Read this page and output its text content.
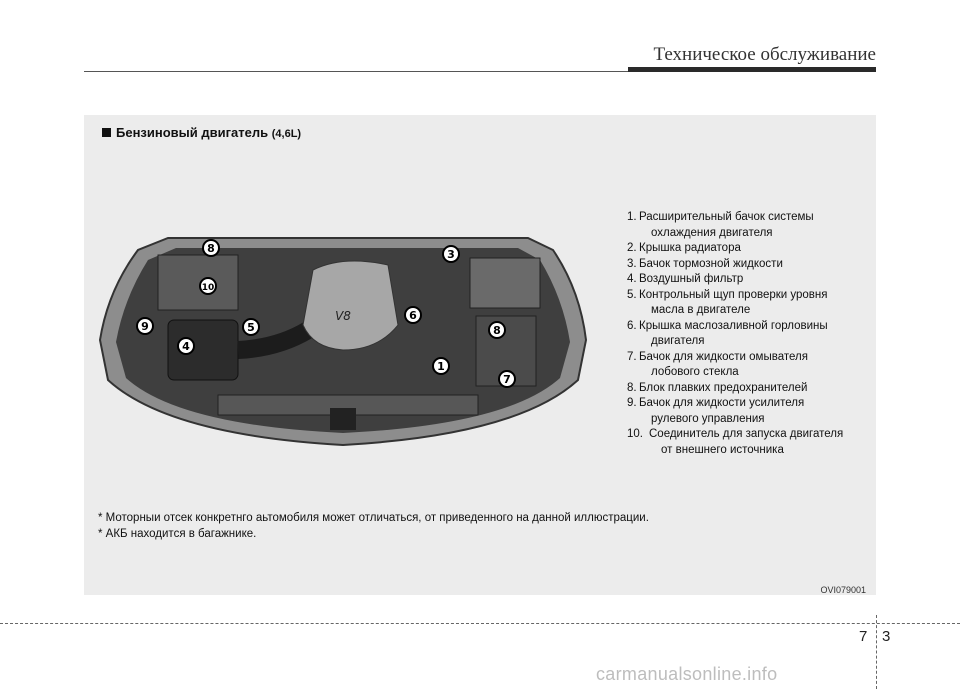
Техническое обслуживание
Бензиновый двигатель (4,6L)
V8
8	3
10
9	5
6
8
4
1
7
1. Расширительный бачок системы
охлаждения двигателя
2. Крышка радиатора
3. Бачок тормозной жидкости
4. Воздушный фильтр
5. Контрольный щуп проверки уровня
масла в двигателе
6. Крышка маслозаливной горловины
двигателя
7. Бачок для жидкости омывателя
лобового стекла
8. Блок плавких предохранителей
9. Бачок для жидкости усилителя
рулевого управления
10. Соединитель для запуска двигателя
от внешнего источника
* Моторныи отсек конкретнго аьтомобиля может отличаться, от приведенного на данной иллюстрации.
* АКБ находится в багажнике.
OVI079001
7 3
carmanualsonline.info
